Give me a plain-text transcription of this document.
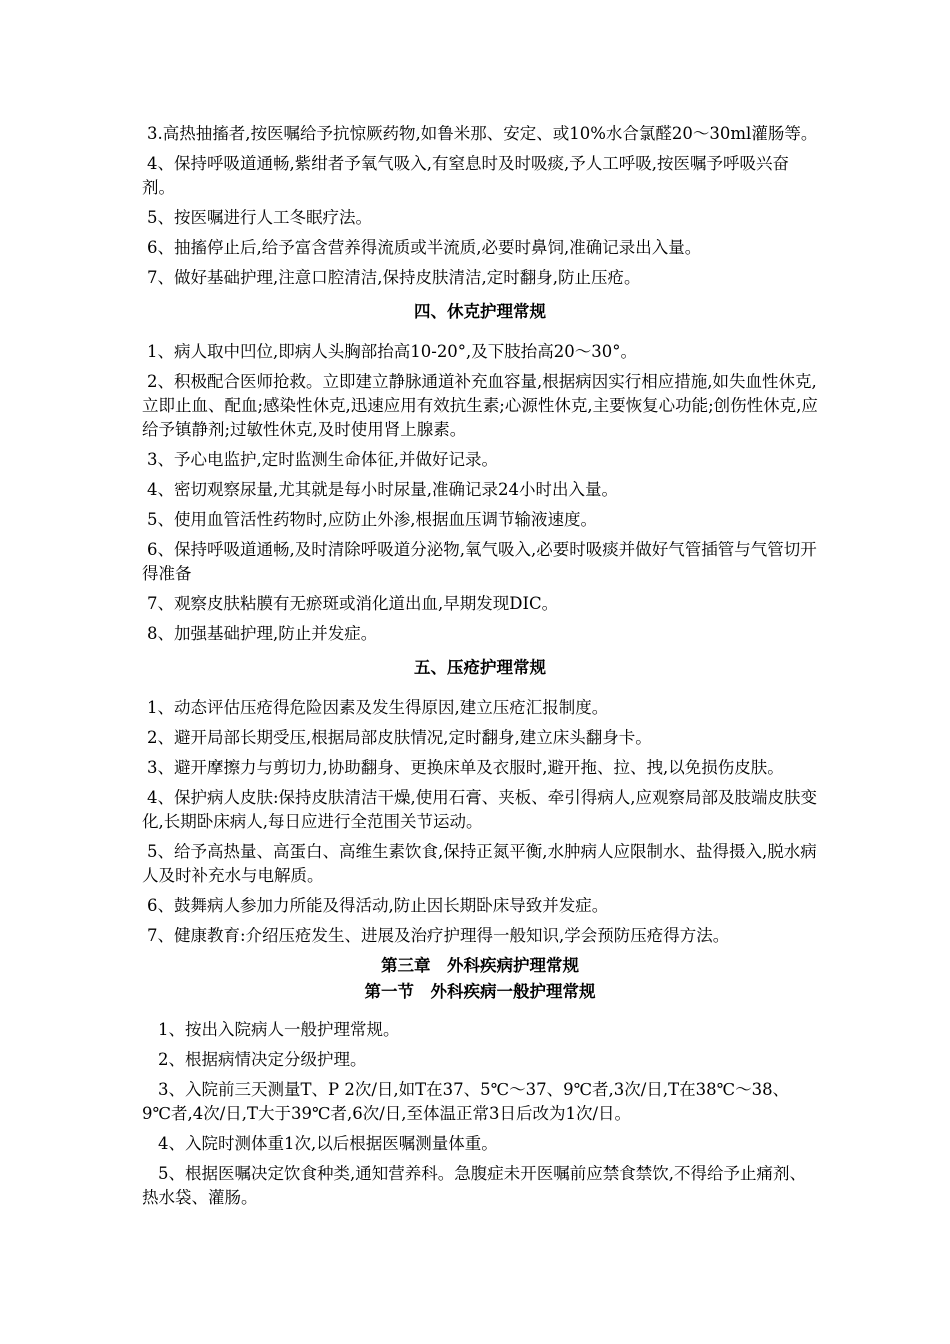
3.高热抽搐者,按医嘱给予抗惊厥药物,如鲁米那、安定、或10%水合氯醛20～30ml灌肠等。

4、保持呼吸道通畅,紫绀者予氧气吸入,有窒息时及时吸痰,予人工呼吸,按医嘱予呼吸兴奋剂。

5、按医嘱进行人工冬眠疗法。

6、抽搐停止后,给予富含营养得流质或半流质,必要时鼻饲,准确记录出入量。

7、做好基础护理,注意口腔清洁,保持皮肤清洁,定时翻身,防止压疮。

四、休克护理常规

1、病人取中凹位,即病人头胸部抬高10-20°,及下肢抬高20～30°。

2、积极配合医师抢救。立即建立静脉通道补充血容量,根据病因实行相应措施,如失血性休克,立即止血、配血;感染性休克,迅速应用有效抗生素;心源性休克,主要恢复心功能;创伤性休克,应给予镇静剂;过敏性休克,及时使用肾上腺素。

3、予心电监护,定时监测生命体征,并做好记录。

4、密切观察尿量,尤其就是每小时尿量,准确记录24小时出入量。

5、使用血管活性药物时,应防止外渗,根据血压调节输液速度。

6、保持呼吸道通畅,及时清除呼吸道分泌物,氧气吸入,必要时吸痰并做好气管插管与气管切开得准备

7、观察皮肤粘膜有无瘀斑或消化道出血,早期发现DIC。

8、加强基础护理,防止并发症。

五、压疮护理常规

1、动态评估压疮得危险因素及发生得原因,建立压疮汇报制度。

2、避开局部长期受压,根据局部皮肤情况,定时翻身,建立床头翻身卡。

3、避开摩擦力与剪切力,协助翻身、更换床单及衣服时,避开拖、拉、拽,以免损伤皮肤。

4、保护病人皮肤:保持皮肤清洁干燥,使用石膏、夹板、牵引得病人,应观察局部及肢端皮肤变化,长期卧床病人,每日应进行全范围关节运动。

5、给予高热量、高蛋白、高维生素饮食,保持正氮平衡,水肿病人应限制水、盐得摄入,脱水病人及时补充水与电解质。

6、鼓舞病人参加力所能及得活动,防止因长期卧床导致并发症。

7、健康教育:介绍压疮发生、进展及治疗护理得一般知识,学会预防压疮得方法。

第三章　外科疾病护理常规
第一节　外科疾病一般护理常规

1、按出入院病人一般护理常规。

2、根据病情决定分级护理。

3、入院前三天测量T、P 2次/日,如T在37、5℃～37、9℃者,3次/日,T在38℃～38、9℃者,4次/日,T大于39℃者,6次/日,至体温正常3日后改为1次/日。

4、入院时测体重1次,以后根据医嘱测量体重。

5、根据医嘱决定饮食种类,通知营养科。急腹症未开医嘱前应禁食禁饮,不得给予止痛剂、热水袋、灌肠。
